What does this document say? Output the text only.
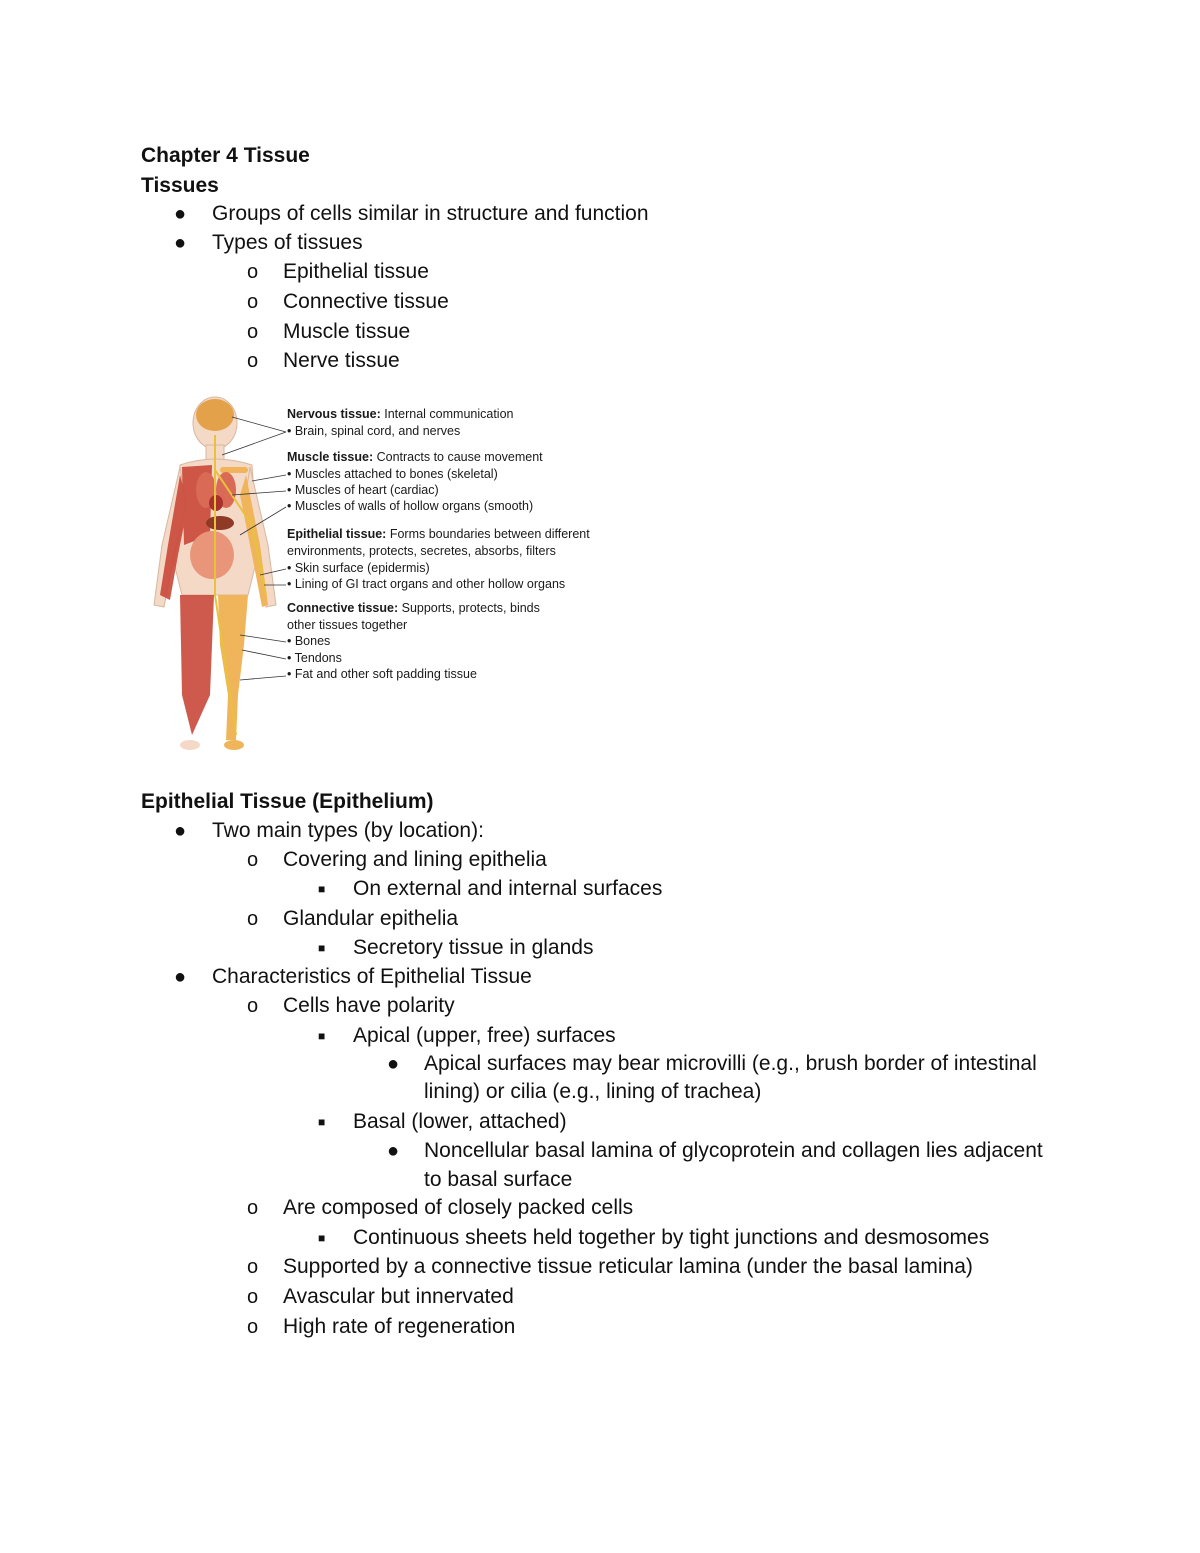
Chapter 4 Tissue
Tissues
● Groups of cells similar in structure and function
● Types of tissues
o Epithelial tissue
o Connective tissue
o Muscle tissue
o Nerve tissue
Nervous tissue: Internal communication
• Brain, spinal cord, and nerves
Muscle tissue: Contracts to cause movement
• Muscles attached to bones (skeletal)
• Muscles of heart (cardiac)
• Muscles of walls of hollow organs (smooth)
Epithelial tissue: Forms boundaries between different
environments, protects, secretes, absorbs, filters
• Skin surface (epidermis)
• Lining of GI tract organs and other hollow organs
Connective tissue: Supports, protects, binds
other tissues together
• Bones
• Tendons
• Fat and other soft padding tissue
Epithelial Tissue (Epithelium)
● Two main types (by location):
o Covering and lining epithelia
■ On external and internal surfaces
o Glandular epithelia
■ Secretory tissue in glands
● Characteristics of Epithelial Tissue
o Cells have polarity
■ Apical (upper, free) surfaces
● Apical surfaces may bear microvilli (e.g., brush border of intestinal
lining) or cilia (e.g., lining of trachea)
■ Basal (lower, attached)
● Noncellular basal lamina of glycoprotein and collagen lies adjacent
to basal surface
o Are composed of closely packed cells
■ Continuous sheets held together by tight junctions and desmosomes
o Supported by a connective tissue reticular lamina (under the basal lamina)
o Avascular but innervated
o High rate of regeneration
